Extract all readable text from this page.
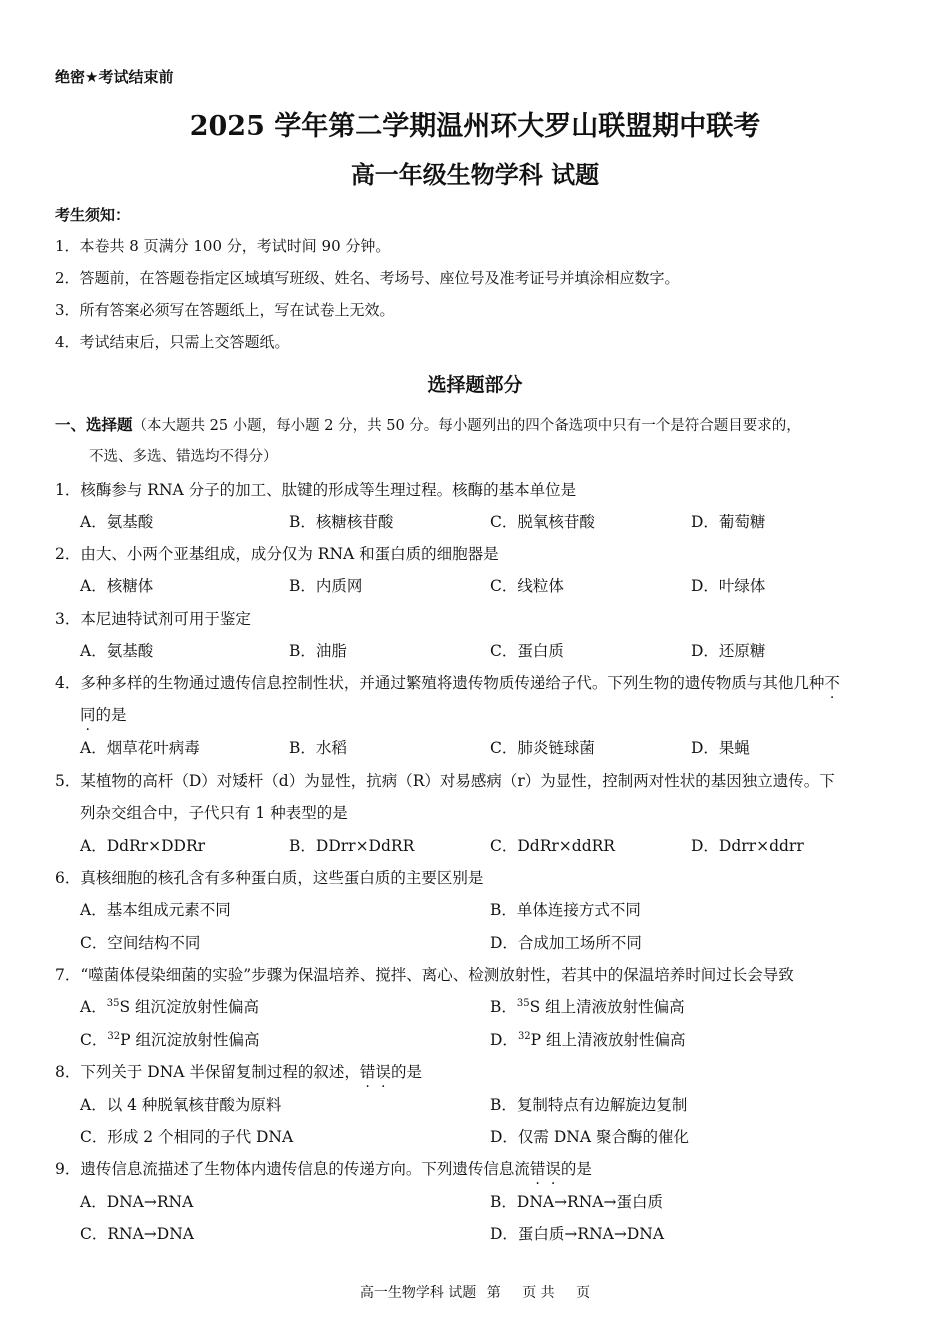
绝密★考试结束前
2025 学年第二学期温州环大罗山联盟期中联考
高一年级生物学科 试题
考生须知：
1．本卷共 8 页满分 100 分，考试时间 90 分钟。
2．答题前，在答题卷指定区域填写班级、姓名、考场号、座位号及准考证号并填涂相应数字。
3．所有答案必须写在答题纸上，写在试卷上无效。
4．考试结束后，只需上交答题纸。
选择题部分
一、选择题（本大题共 25 小题，每小题 2 分，共 50 分。每小题列出的四个备选项中只有一个是符合题目要求的，
不选、多选、错选均不得分）
1．核酶参与 RNA 分子的加工、肽键的形成等生理过程。核酶的基本单位是
A．氨基酸	B．核糖核苷酸	C．脱氧核苷酸	D．葡萄糖
2．由大、小两个亚基组成，成分仅为 RNA 和蛋白质的细胞器是
A．核糖体	B．内质网	C．线粒体	D．叶绿体
3．本尼迪特试剂可用于鉴定
A．氨基酸	B．油脂	C．蛋白质	D．还原糖
4．多种多样的生物通过遗传信息控制性状，并通过繁殖将遗传物质传递给子代。下列生物的遗传物质与其他几种不
同的是
A．烟草花叶病毒	B．水稻	C．肺炎链球菌	D．果蝇
5．某植物的高杆（D）对矮杆（d）为显性，抗病（R）对易感病（r）为显性，控制两对性状的基因独立遗传。下
列杂交组合中，子代只有 1 种表型的是
A．DdRr×DDRr	B．DDrr×DdRR	C．DdRr×ddRR	D．Ddrr×ddrr
6．真核细胞的核孔含有多种蛋白质，这些蛋白质的主要区别是
A．基本组成元素不同	B．单体连接方式不同
C．空间结构不同	D．合成加工场所不同
7．“噬菌体侵染细菌的实验”步骤为保温培养、搅拌、离心、检测放射性，若其中的保温培养时间过长会导致
A．$^{35}$S 组沉淀放射性偏高	B．$^{35}$S 组上清液放射性偏高
C．$^{32}$P 组沉淀放射性偏高	D．$^{32}$P 组上清液放射性偏高
8．下列关于 DNA 半保留复制过程的叙述，错误的是
A．以 4 种脱氧核苷酸为原料	B．复制特点有边解旋边复制
C．形成 2 个相同的子代 DNA	D．仅需 DNA 聚合酶的催化
9．遗传信息流描述了生物体内遗传信息的传递方向。下列遗传信息流错误的是
A．DNA→RNA	B．DNA→RNA→蛋白质
C．RNA→DNA	D．蛋白质→RNA→DNA
高一生物学科 试题 第 页 共 页
